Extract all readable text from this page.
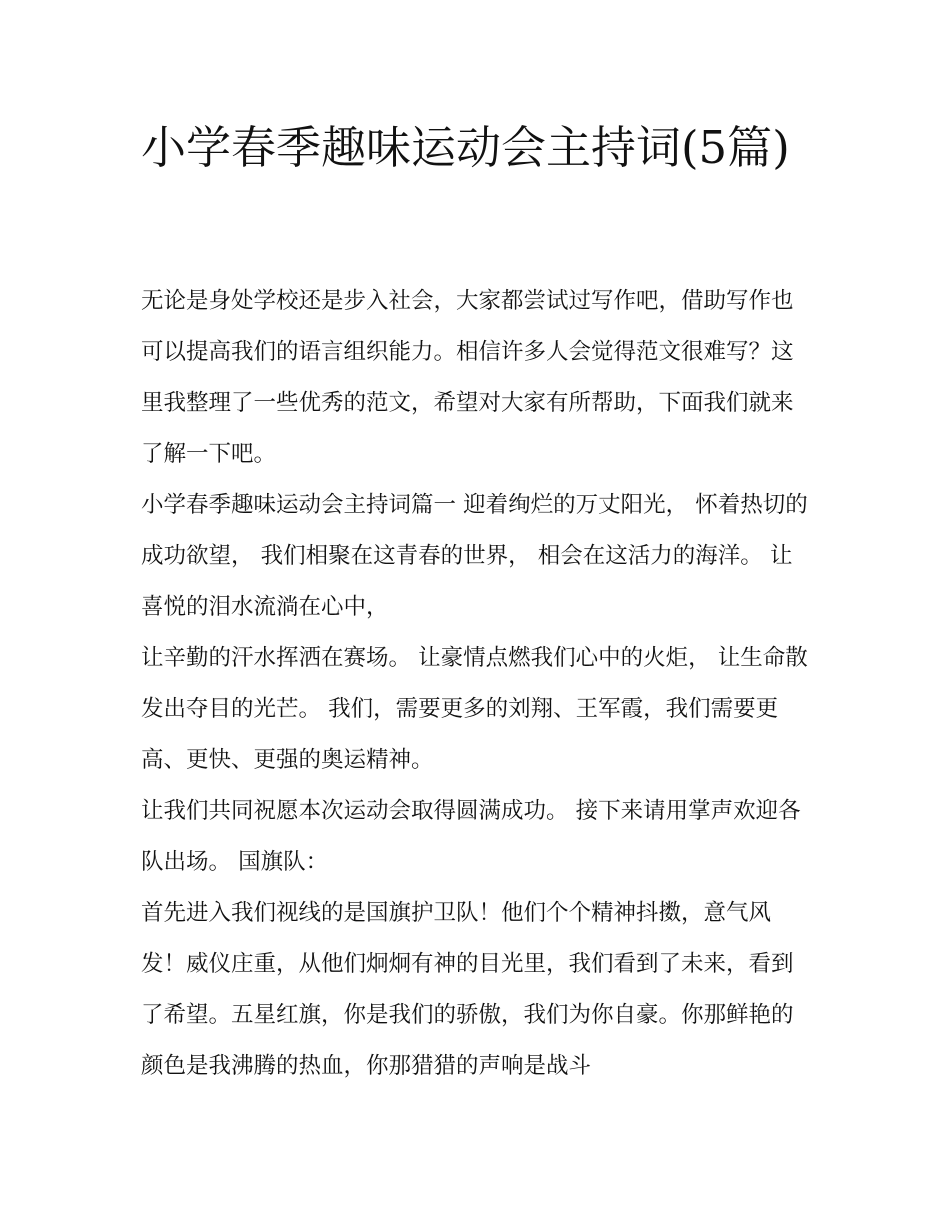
小学春季趣味运动会主持词(5篇)

无论是身处学校还是步入社会，大家都尝试过写作吧，借助写作也可以提高我们的语言组织能力。相信许多人会觉得范文很难写？这里我整理了一些优秀的范文，希望对大家有所帮助，下面我们就来了解一下吧。

小学春季趣味运动会主持词篇一 迎着绚烂的万丈阳光， 怀着热切的成功欲望， 我们相聚在这青春的世界， 相会在这活力的海洋。 让喜悦的泪水流淌在心中，

让辛勤的汗水挥洒在赛场。 让豪情点燃我们心中的火炬， 让生命散发出夺目的光芒。 我们，需要更多的刘翔、王军霞，我们需要更高、更快、更强的奥运精神。

让我们共同祝愿本次运动会取得圆满成功。 接下来请用掌声欢迎各队出场。 国旗队：

首先进入我们视线的是国旗护卫队！他们个个精神抖擞，意气风发！威仪庄重，从他们炯炯有神的目光里，我们看到了未来，看到了希望。五星红旗，你是我们的骄傲，我们为你自豪。你那鲜艳的颜色是我沸腾的热血，你那猎猎的声响是战斗
